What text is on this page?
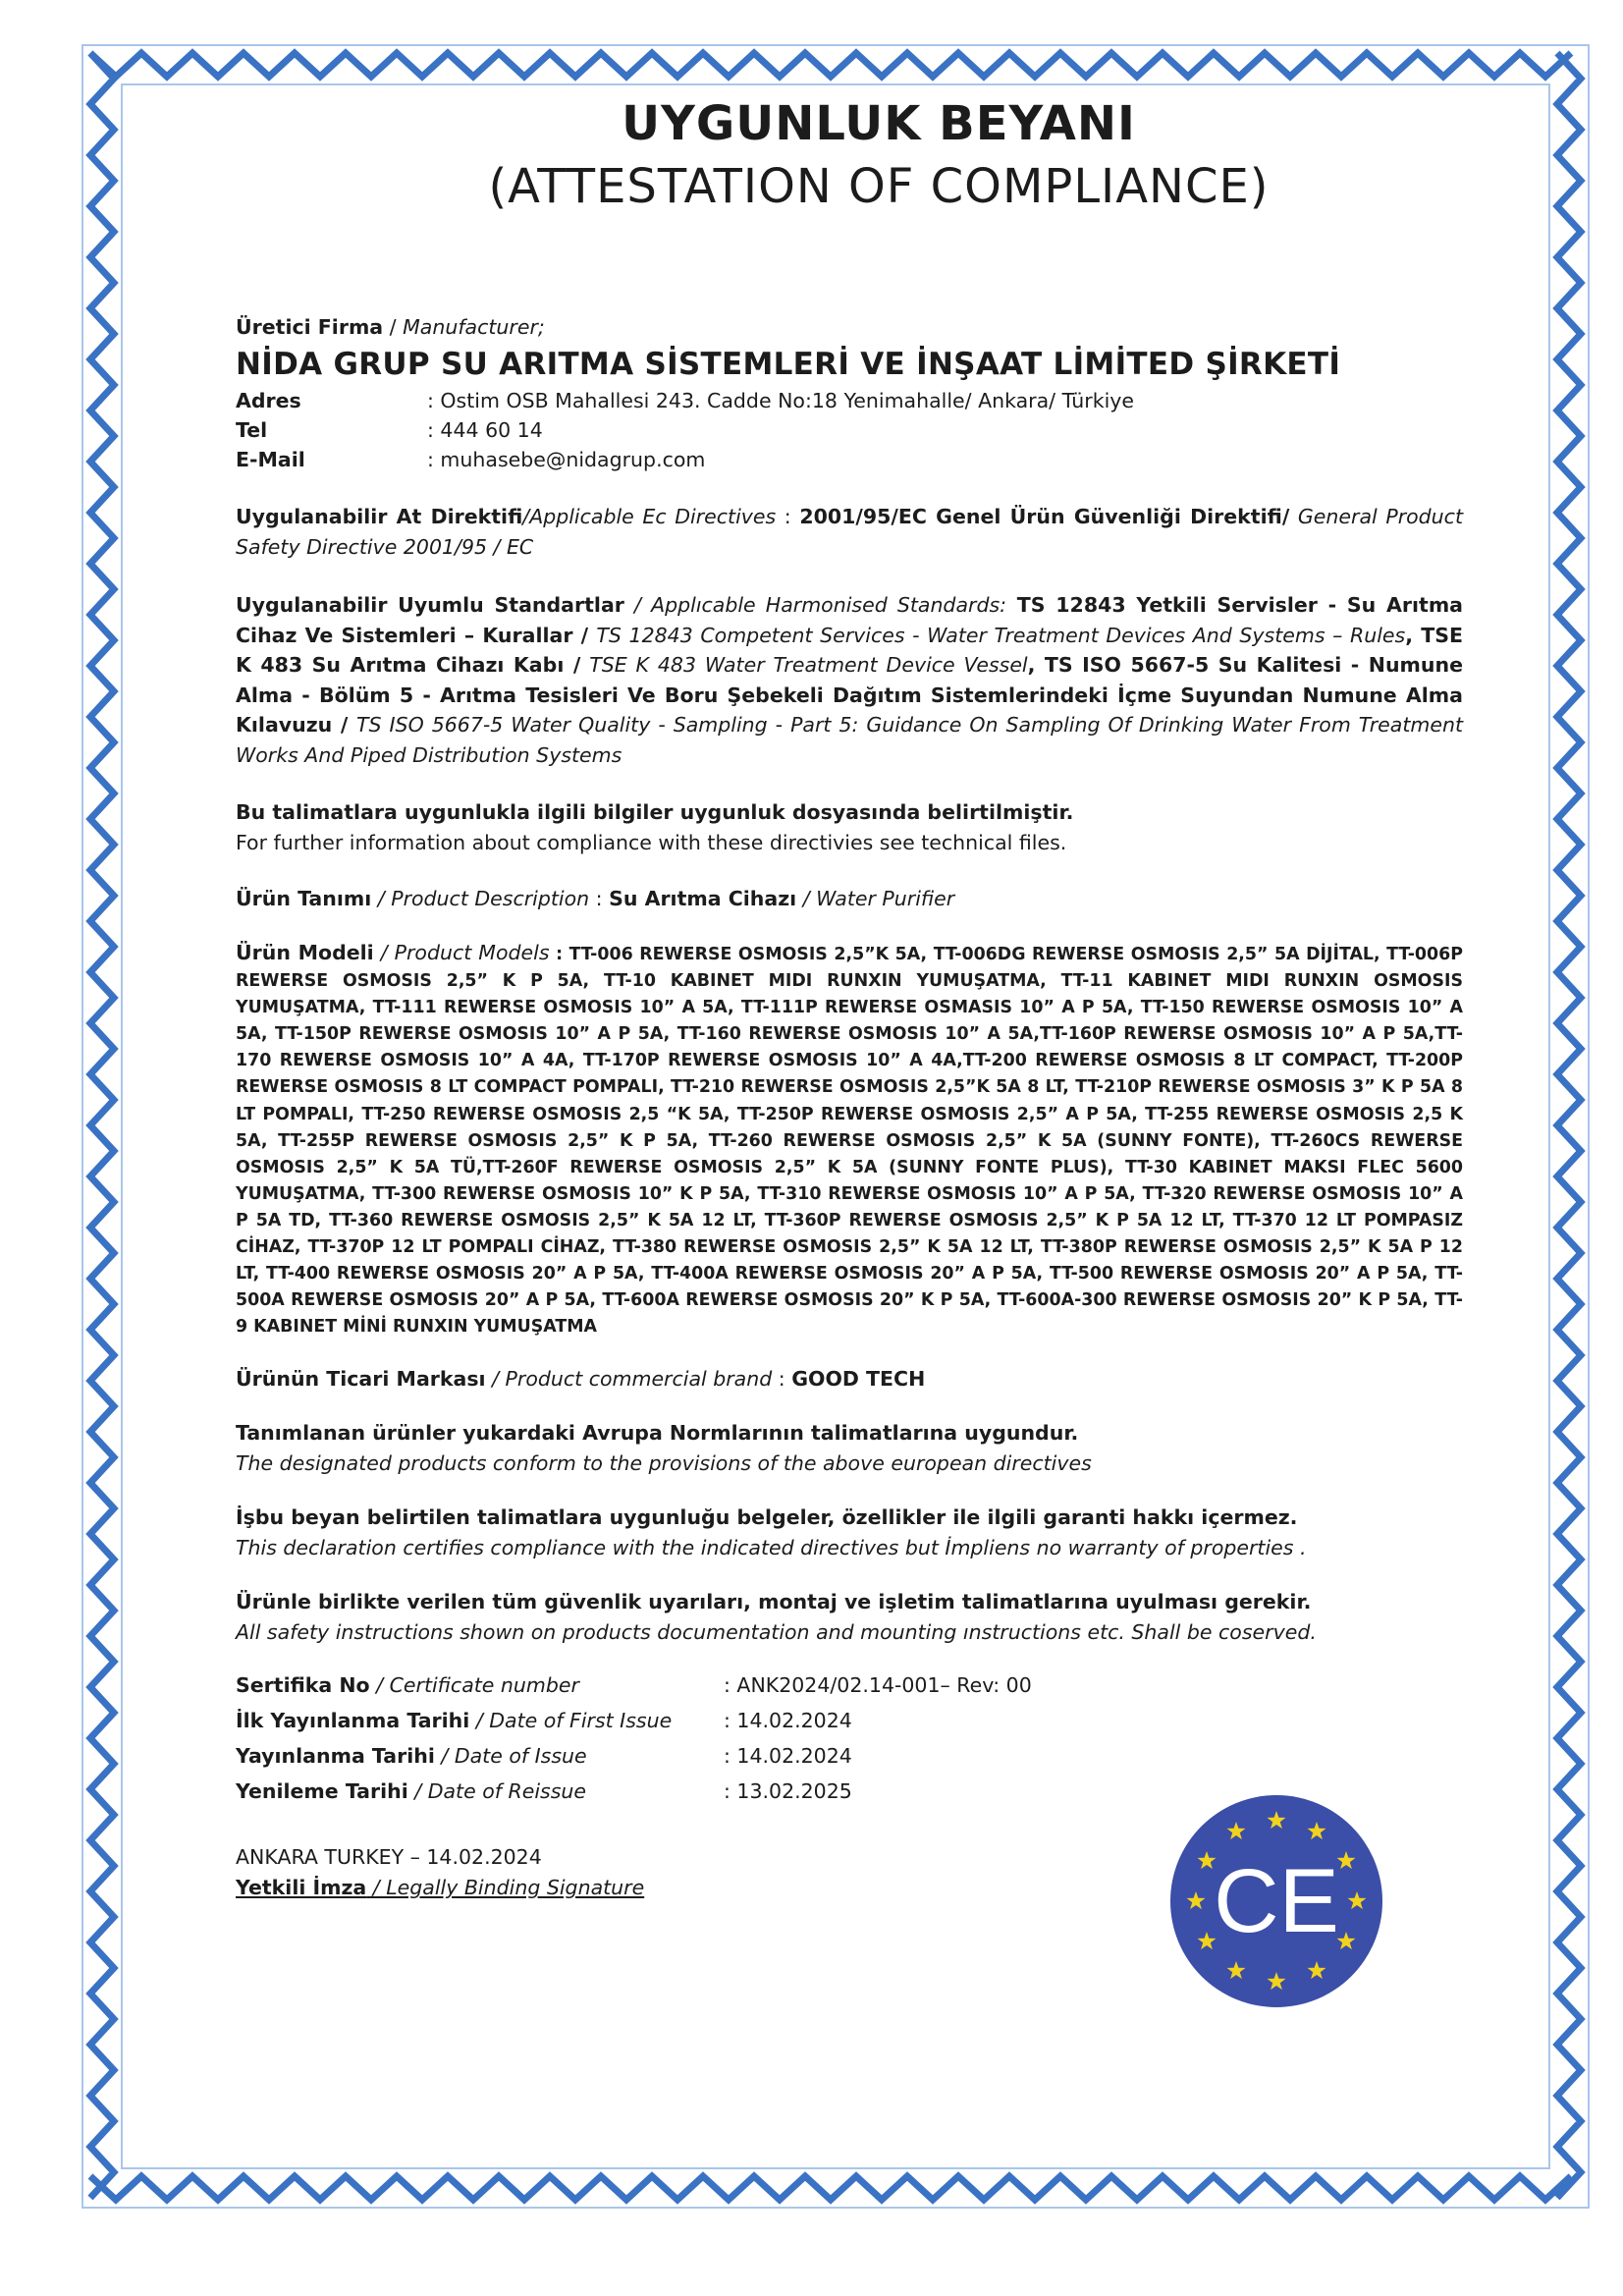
UYGUNLUK BEYANI
(ATTESTATION OF COMPLIANCE)
Üretici Firma / Manufacturer;
NİDA GRUP SU ARITMA SİSTEMLERİ VE İNŞAAT LİMİTED ŞİRKETİ
Adres	: Ostim OSB Mahallesi 243. Cadde No:18 Yenimahalle/ Ankara/ Türkiye
Tel	: 444 60 14
E-Mail	: muhasebe@nidagrup.com
Uygulanabilir At Direktifi/Applicable Ec Directives : 2001/95/EC Genel Ürün Güvenliği Direktifi/ General Product Safety Directive 2001/95 / EC
Uygulanabilir Uyumlu Standartlar / Applıcable Harmonised Standards: TS 12843 Yetkili Servisler - Su Arıtma Cihaz Ve Sistemleri – Kurallar / TS 12843 Competent Services - Water Treatment Devices And Systems – Rules, TSE K 483 Su Arıtma Cihazı Kabı / TSE K 483 Water Treatment Device Vessel, TS ISO 5667-5 Su Kalitesi - Numune Alma - Bölüm 5 - Arıtma Tesisleri Ve Boru Şebekeli Dağıtım Sistemlerindeki İçme Suyundan Numune Alma Kılavuzu / TS ISO 5667-5 Water Quality - Sampling - Part 5: Guidance On Sampling Of Drinking Water From Treatment Works And Piped Distribution Systems
Bu talimatlara uygunlukla ilgili bilgiler uygunluk dosyasında belirtilmiştir.
For further information about compliance with these directivies see technical files.
Ürün Tanımı / Product Description : Su Arıtma Cihazı / Water Purifier
Ürün Modeli / Product Models : TT-006 REWERSE OSMOSIS 2,5”K 5A, TT-006DG REWERSE OSMOSIS 2,5” 5A DİJİTAL, TT-006P REWERSE OSMOSIS 2,5” K P 5A, TT-10 KABINET MIDI RUNXIN YUMUŞATMA, TT-11 KABINET MIDI RUNXIN OSMOSIS YUMUŞATMA, TT-111 REWERSE OSMOSIS 10” A 5A, TT-111P REWERSE OSMASIS 10” A P 5A, TT-150 REWERSE OSMOSIS 10” A 5A, TT-150P REWERSE OSMOSIS 10” A P 5A, TT-160 REWERSE OSMOSIS 10” A 5A,TT-160P REWERSE OSMOSIS 10” A P 5A,TT-170 REWERSE OSMOSIS 10” A 4A, TT-170P REWERSE OSMOSIS 10” A 4A,TT-200 REWERSE OSMOSIS 8 LT COMPACT, TT-200P REWERSE OSMOSIS 8 LT COMPACT POMPALI, TT-210 REWERSE OSMOSIS 2,5”K 5A 8 LT, TT-210P REWERSE OSMOSIS 3” K P 5A 8 LT POMPALI, TT-250 REWERSE OSMOSIS 2,5 “K 5A, TT-250P REWERSE OSMOSIS 2,5” A P 5A, TT-255 REWERSE OSMOSIS 2,5 K 5A, TT-255P REWERSE OSMOSIS 2,5” K P 5A, TT-260 REWERSE OSMOSIS 2,5” K 5A (SUNNY FONTE), TT-260CS REWERSE OSMOSIS 2,5” K 5A TÜ,TT-260F REWERSE OSMOSIS 2,5” K 5A (SUNNY FONTE PLUS), TT-30 KABINET MAKSI FLEC 5600 YUMUŞATMA, TT-300 REWERSE OSMOSIS 10” K P 5A, TT-310 REWERSE OSMOSIS 10” A P 5A, TT-320 REWERSE OSMOSIS 10” A P 5A TD, TT-360 REWERSE OSMOSIS 2,5” K 5A 12 LT, TT-360P REWERSE OSMOSIS 2,5” K P 5A 12 LT, TT-370 12 LT POMPASIZ CİHAZ, TT-370P 12 LT POMPALI CİHAZ, TT-380 REWERSE OSMOSIS 2,5” K 5A 12 LT, TT-380P REWERSE OSMOSIS 2,5” K 5A P 12 LT, TT-400 REWERSE OSMOSIS 20” A P 5A, TT-400A REWERSE OSMOSIS 20” A P 5A, TT-500 REWERSE OSMOSIS 20” A P 5A, TT-500A REWERSE OSMOSIS 20” A P 5A, TT-600A REWERSE OSMOSIS 20” K P 5A, TT-600A-300 REWERSE OSMOSIS 20” K P 5A, TT-9 KABINET MİNİ RUNXIN YUMUŞATMA
Ürünün Ticari Markası / Product commercial brand : GOOD TECH
Tanımlanan ürünler yukardaki Avrupa Normlarının talimatlarına uygundur.
The designated products conform to the provisions of the above european directives
İşbu beyan belirtilen talimatlara uygunluğu belgeler, özellikler ile ilgili garanti hakkı içermez.
This declaration certifies compliance with the indicated directives but İmpliens no warranty of properties .
Ürünle birlikte verilen tüm güvenlik uyarıları, montaj ve işletim talimatlarına uyulması gerekir.
All safety instructions shown on products documentation and mounting ınstructions etc. Shall be coserved.
Sertifika No / Certificate number	: ANK2024/02.14-001– Rev: 00
İlk Yayınlanma Tarihi / Date of First Issue	: 14.02.2024
Yayınlanma Tarihi / Date of Issue	: 14.02.2024
Yenileme Tarihi / Date of Reissue	: 13.02.2025
ANKARA TURKEY – 14.02.2024
Yetkili İmza / Legally Binding Signature	CE
